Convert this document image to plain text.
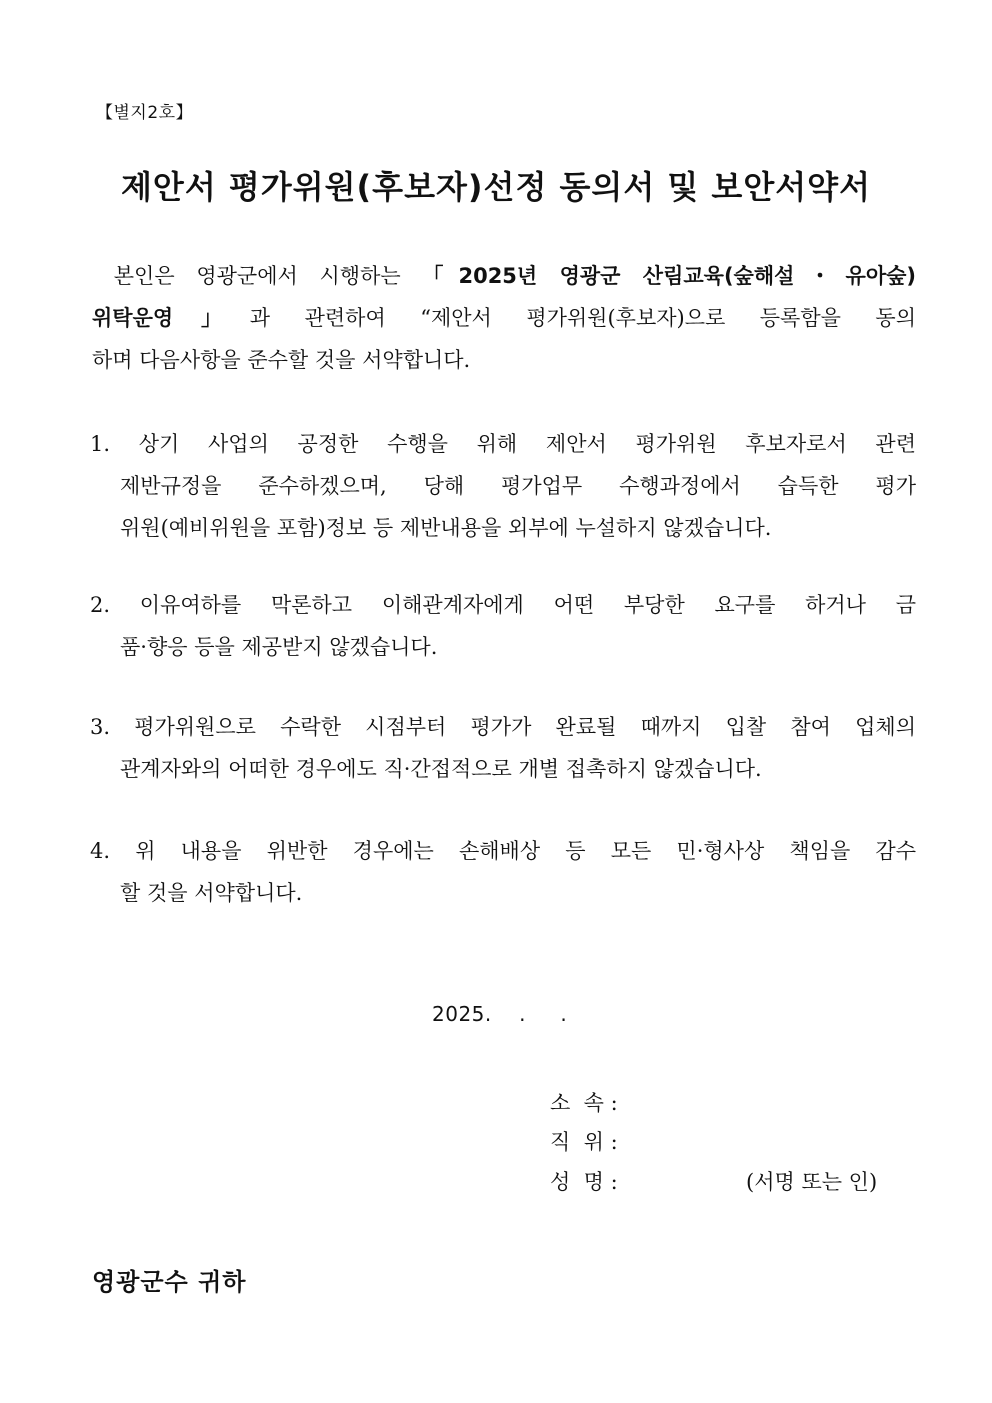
【별지2호】
제안서 평가위원(후보자)선정 동의서 및 보안서약서
본인은 영광군에서 시행하는 「2025년 영광군 산림교육(숲해설・유아숲)
위탁운영」과 관련하여 “제안서 평가위원(후보자)으로 등록함을 동의
하며 다음사항을 준수할 것을 서약합니다.
1. 상기 사업의 공정한 수행을 위해 제안서 평가위원 후보자로서 관련
제반규정을 준수하겠으며, 당해 평가업무 수행과정에서 습득한 평가
위원(예비위원을 포함)정보 등 제반내용을 외부에 누설하지 않겠습니다.
2. 이유여하를 막론하고 이해관계자에게 어떤 부당한 요구를 하거나 금
품·향응 등을 제공받지 않겠습니다.
3. 평가위원으로 수락한 시점부터 평가가 완료될 때까지 입찰 참여 업체의
관계자와의 어떠한 경우에도 직·간접적으로 개별 접촉하지 않겠습니다.
4. 위 내용을 위반한 경우에는 손해배상 등 모든 민·형사상 책임을 감수
할 것을 서약합니다.
2025.    .     .
소  속 :
직  위 :
성  명 :	(서명 또는 인)
영광군수 귀하
